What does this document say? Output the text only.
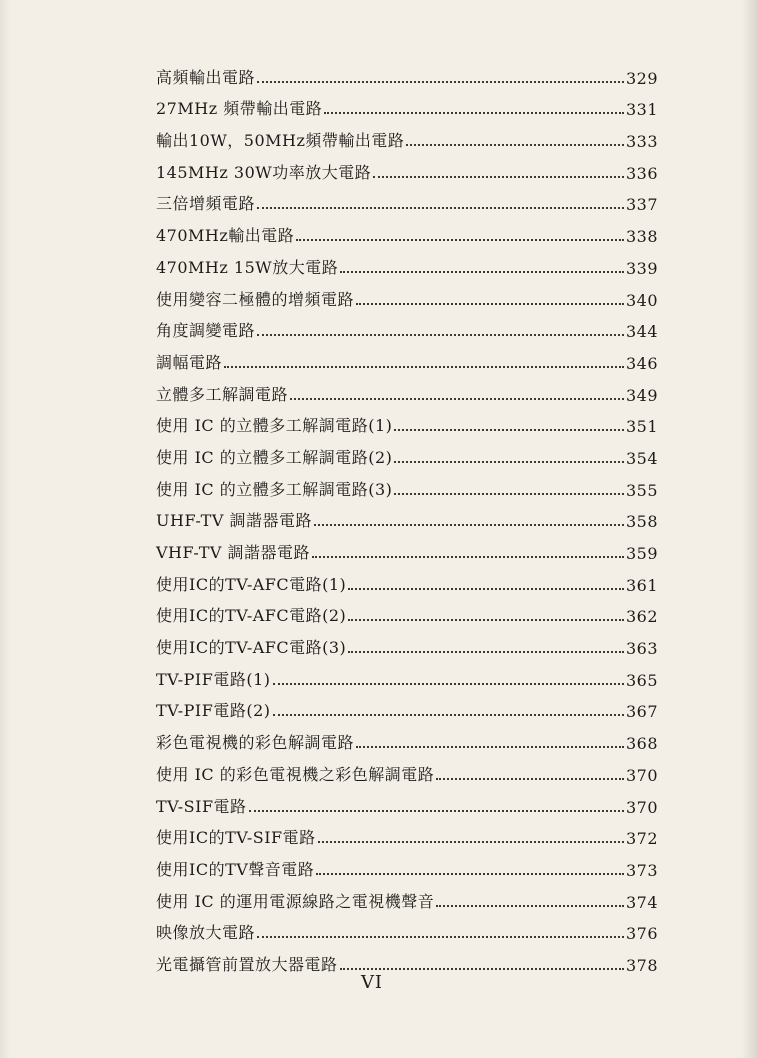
高頻輸出電路	329
27MHz 頻帶輸出電路	331
輸出10W，50MHz頻帶輸出電路	333
145MHz 30W功率放大電路	336
三倍增頻電路	337
470MHz輸出電路	338
470MHz 15W放大電路	339
使用變容二極體的增頻電路	340
角度調變電路	344
調幅電路	346
立體多工解調電路	349
使用 IC 的立體多工解調電路(1)	351
使用 IC 的立體多工解調電路(2)	354
使用 IC 的立體多工解調電路(3)	355
UHF-TV 調諧器電路	358
VHF-TV 調諧器電路	359
使用IC的TV-AFC電路(1)	361
使用IC的TV-AFC電路(2)	362
使用IC的TV-AFC電路(3)	363
TV-PIF電路(1)	365
TV-PIF電路(2)	367
彩色電視機的彩色解調電路	368
使用 IC 的彩色電視機之彩色解調電路	370
TV-SIF電路	370
使用IC的TV-SIF電路	372
使用IC的TV聲音電路	373
使用 IC 的運用電源線路之電視機聲音	374
映像放大電路	376
光電攝管前置放大器電路	378
VI
